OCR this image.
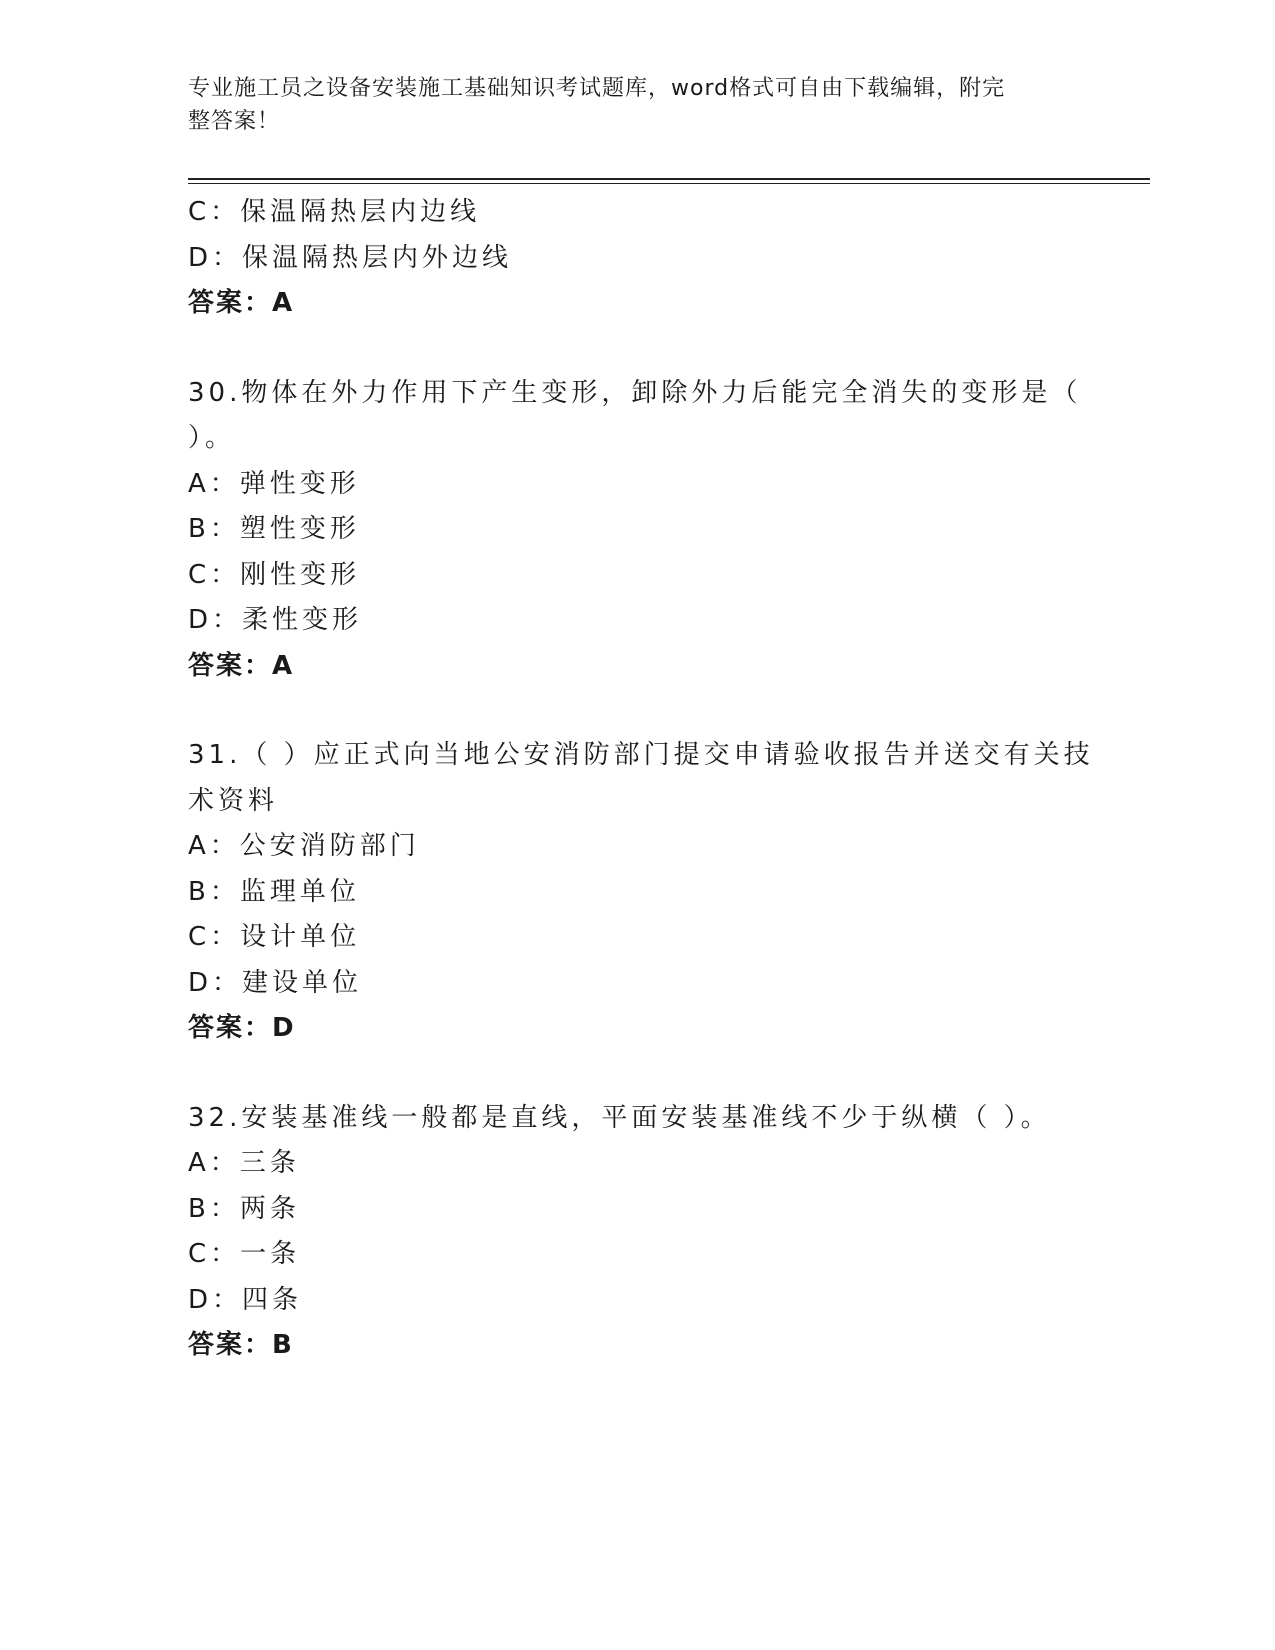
专业施工员之设备安装施工基础知识考试题库，word格式可自由下载编辑，附完
整答案！
C：保温隔热层内边线
D：保温隔热层内外边线
答案：A
30.物体在外力作用下产生变形，卸除外力后能完全消失的变形是（
）。
A：弹性变形
B：塑性变形
C：刚性变形
D：柔性变形
答案：A
31.（ ）应正式向当地公安消防部门提交申请验收报告并送交有关技
术资料
A：公安消防部门
B：监理单位
C：设计单位
D：建设单位
答案：D
32.安装基准线一般都是直线，平面安装基准线不少于纵横（ ）。
A：三条
B：两条
C：一条
D：四条
答案：B
